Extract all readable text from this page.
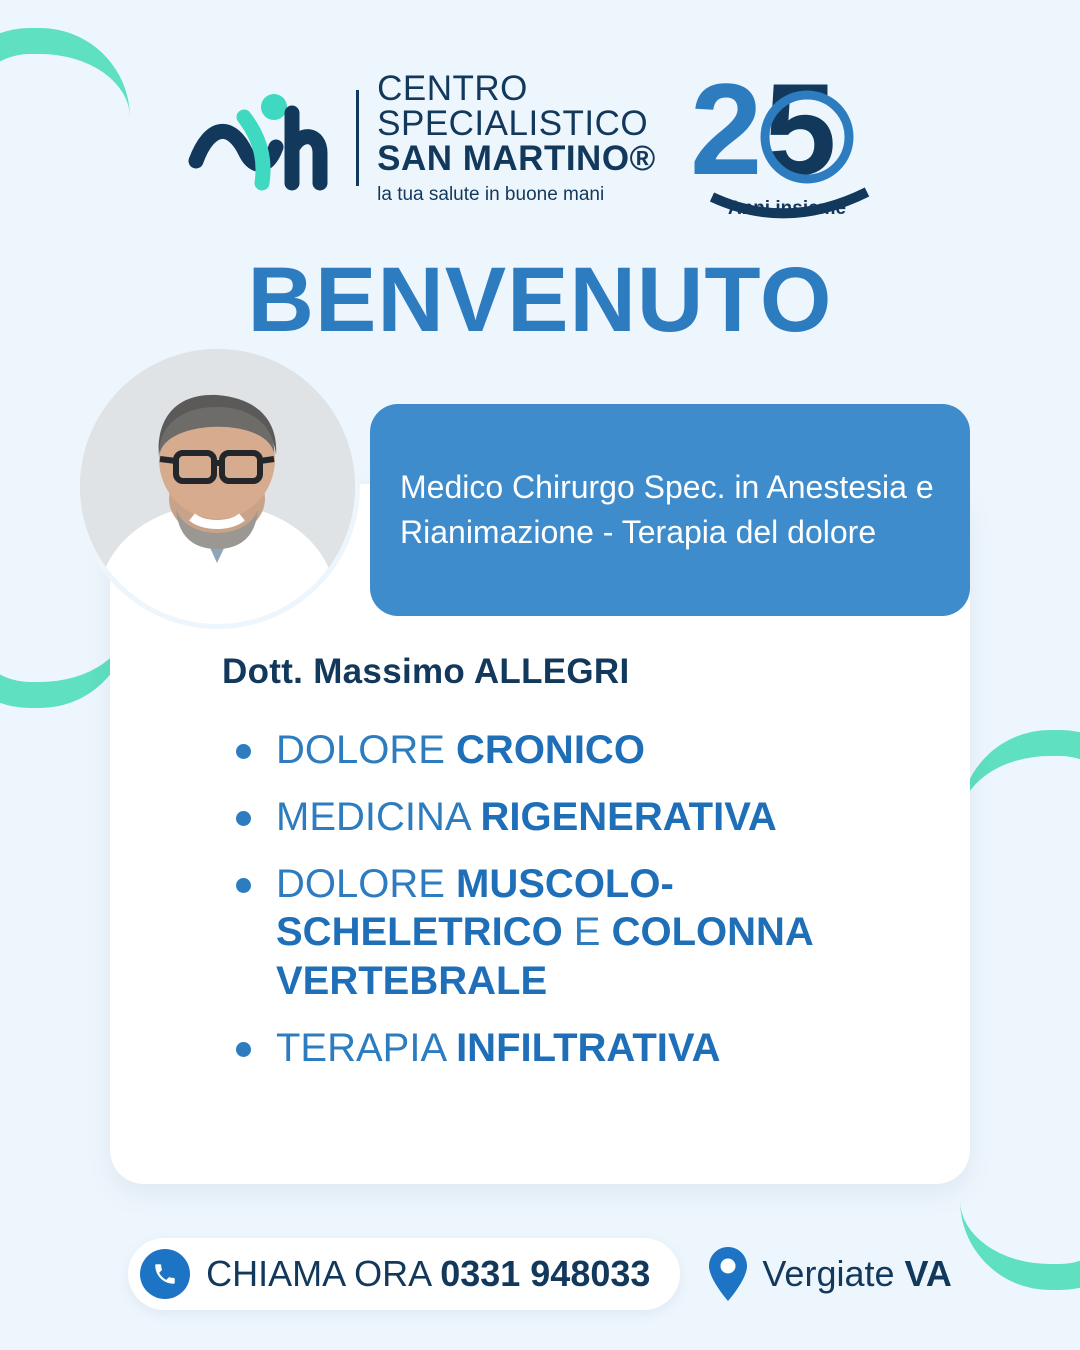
CENTRO
SPECIALISTICO
SAN MARTINO®
la tua salute in buone mani 2 5
Anni insieme
BENVENUTO
Medico Chirurgo Spec. in Anestesia e Rianimazione - Terapia del dolore
Dott. Massimo ALLEGRI
DOLORE CRONICO
MEDICINA RIGENERATIVA
DOLORE MUSCOLO-SCHELETRICO E COLONNA VERTEBRALE
TERAPIA INFILTRATIVA
CHIAMA ORA 0331 948033	Vergiate VA
